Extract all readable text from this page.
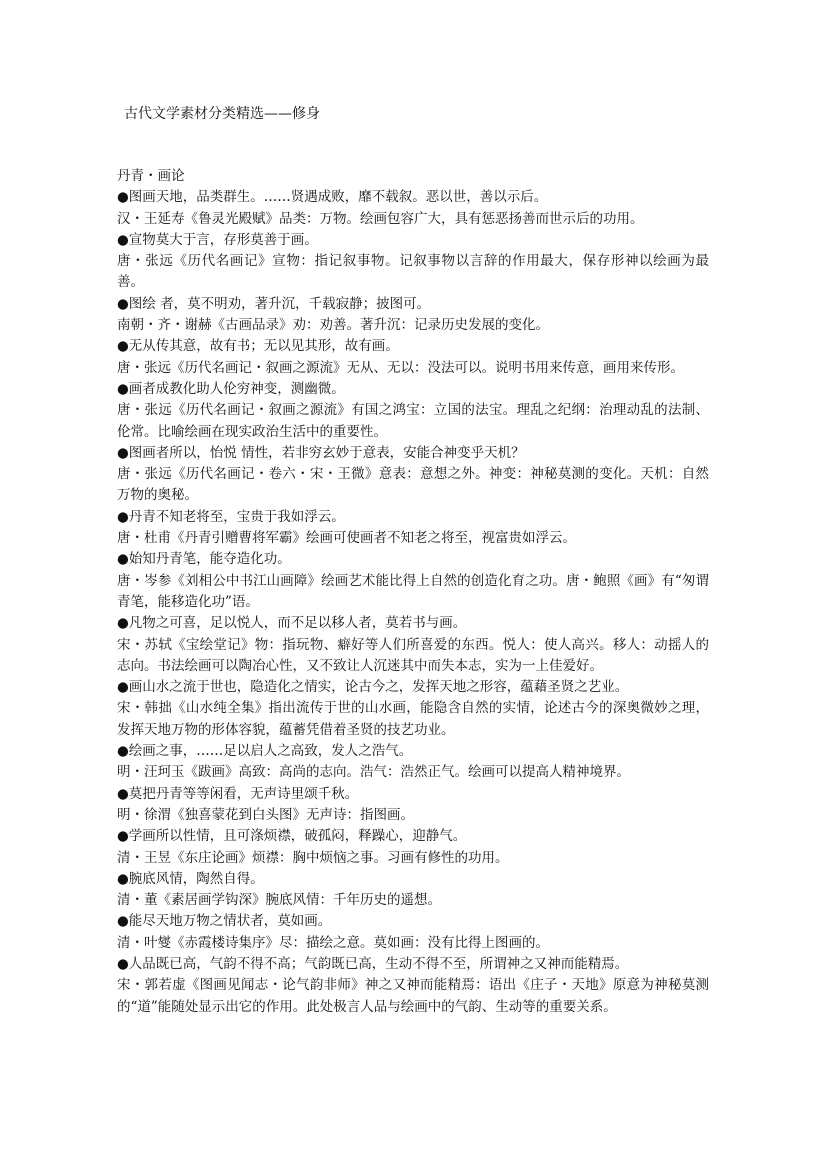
古代文学素材分类精选——修身

丹青・画论

●图画天地，品类群生。……贤遇成败，靡不载叙。恶以世，善以示后。

汉・王延寿《鲁灵光殿赋》品类：万物。绘画包容广大，具有惩恶扬善而世示后的功用。

●宣物莫大于言，存形莫善于画。

唐・张远《历代名画记》宣物：指记叙事物。记叙事物以言辞的作用最大，保存形神以绘画为最善。

●图绘 者，莫不明劝，著升沉，千载寂静；披图可。

南朝・齐・谢赫《古画品录》劝：劝善。著升沉：记录历史发展的变化。

●无从传其意，故有书；无以见其形，故有画。

唐・张远《历代名画记・叙画之源流》无从、无以：没法可以。说明书用来传意，画用来传形。

●画者成教化助人伦穷神变，测幽微。

唐・张远《历代名画记・叙画之源流》有国之鸿宝：立国的法宝。理乱之纪纲：治理动乱的法制、伦常。比喻绘画在现实政治生活中的重要性。

●图画者所以，怡悦 情性，若非穷玄妙于意表，安能合神变乎天机？

唐・张远《历代名画记・卷六・宋・王微》意表：意想之外。神变：神秘莫测的变化。天机：自然万物的奥秘。

●丹青不知老将至，宝贵于我如浮云。

唐・杜甫《丹青引赠曹将军霸》绘画可使画者不知老之将至，视富贵如浮云。

●始知丹青笔，能夺造化功。

唐・岑参《刘相公中书江山画障》绘画艺术能比得上自然的创造化育之功。唐・鲍照《画》有“匆谓青笔，能移造化功”语。

●凡物之可喜，足以悦人，而不足以移人者，莫若书与画。

宋・苏轼《宝绘堂记》物：指玩物、癖好等人们所喜爱的东西。悦人：使人高兴。移人：动摇人的志向。书法绘画可以陶冶心性，又不致让人沉迷其中而失本志，实为一上佳爱好。

●画山水之流于世也，隐造化之情实，论古今之，发挥天地之形容，蕴藉圣贤之艺业。

宋・韩拙《山水纯全集》指出流传于世的山水画，能隐含自然的实情，论述古今的深奥微妙之理，发挥天地万物的形体容貌，蕴蓄凭借着圣贤的技艺功业。

●绘画之事，……足以启人之高致，发人之浩气。

明・汪珂玉《跋画》高致：高尚的志向。浩气：浩然正气。绘画可以提高人精神境界。

●莫把丹青等等闲看，无声诗里颂千秋。

明・徐渭《独喜蒙花到白头图》无声诗：指图画。

●学画所以性情，且可涤烦襟，破孤闷，释躁心，迎静气。

清・王昱《东庄论画》烦襟：胸中烦恼之事。习画有修性的功用。

●腕底风情，陶然自得。

清・董《素居画学钩深》腕底风情：千年历史的遥想。

●能尽天地万物之情状者，莫如画。

清・叶燮《赤霞楼诗集序》尽：描绘之意。莫如画：没有比得上图画的。

●人品既已高，气韵不得不高；气韵既已高，生动不得不至，所谓神之又神而能精焉。

宋・郭若虚《图画见闻志・论气韵非师》神之又神而能精焉：语出《庄子・天地》原意为神秘莫测的“道”能随处显示出它的作用。此处极言人品与绘画中的气韵、生动等的重要关系。
